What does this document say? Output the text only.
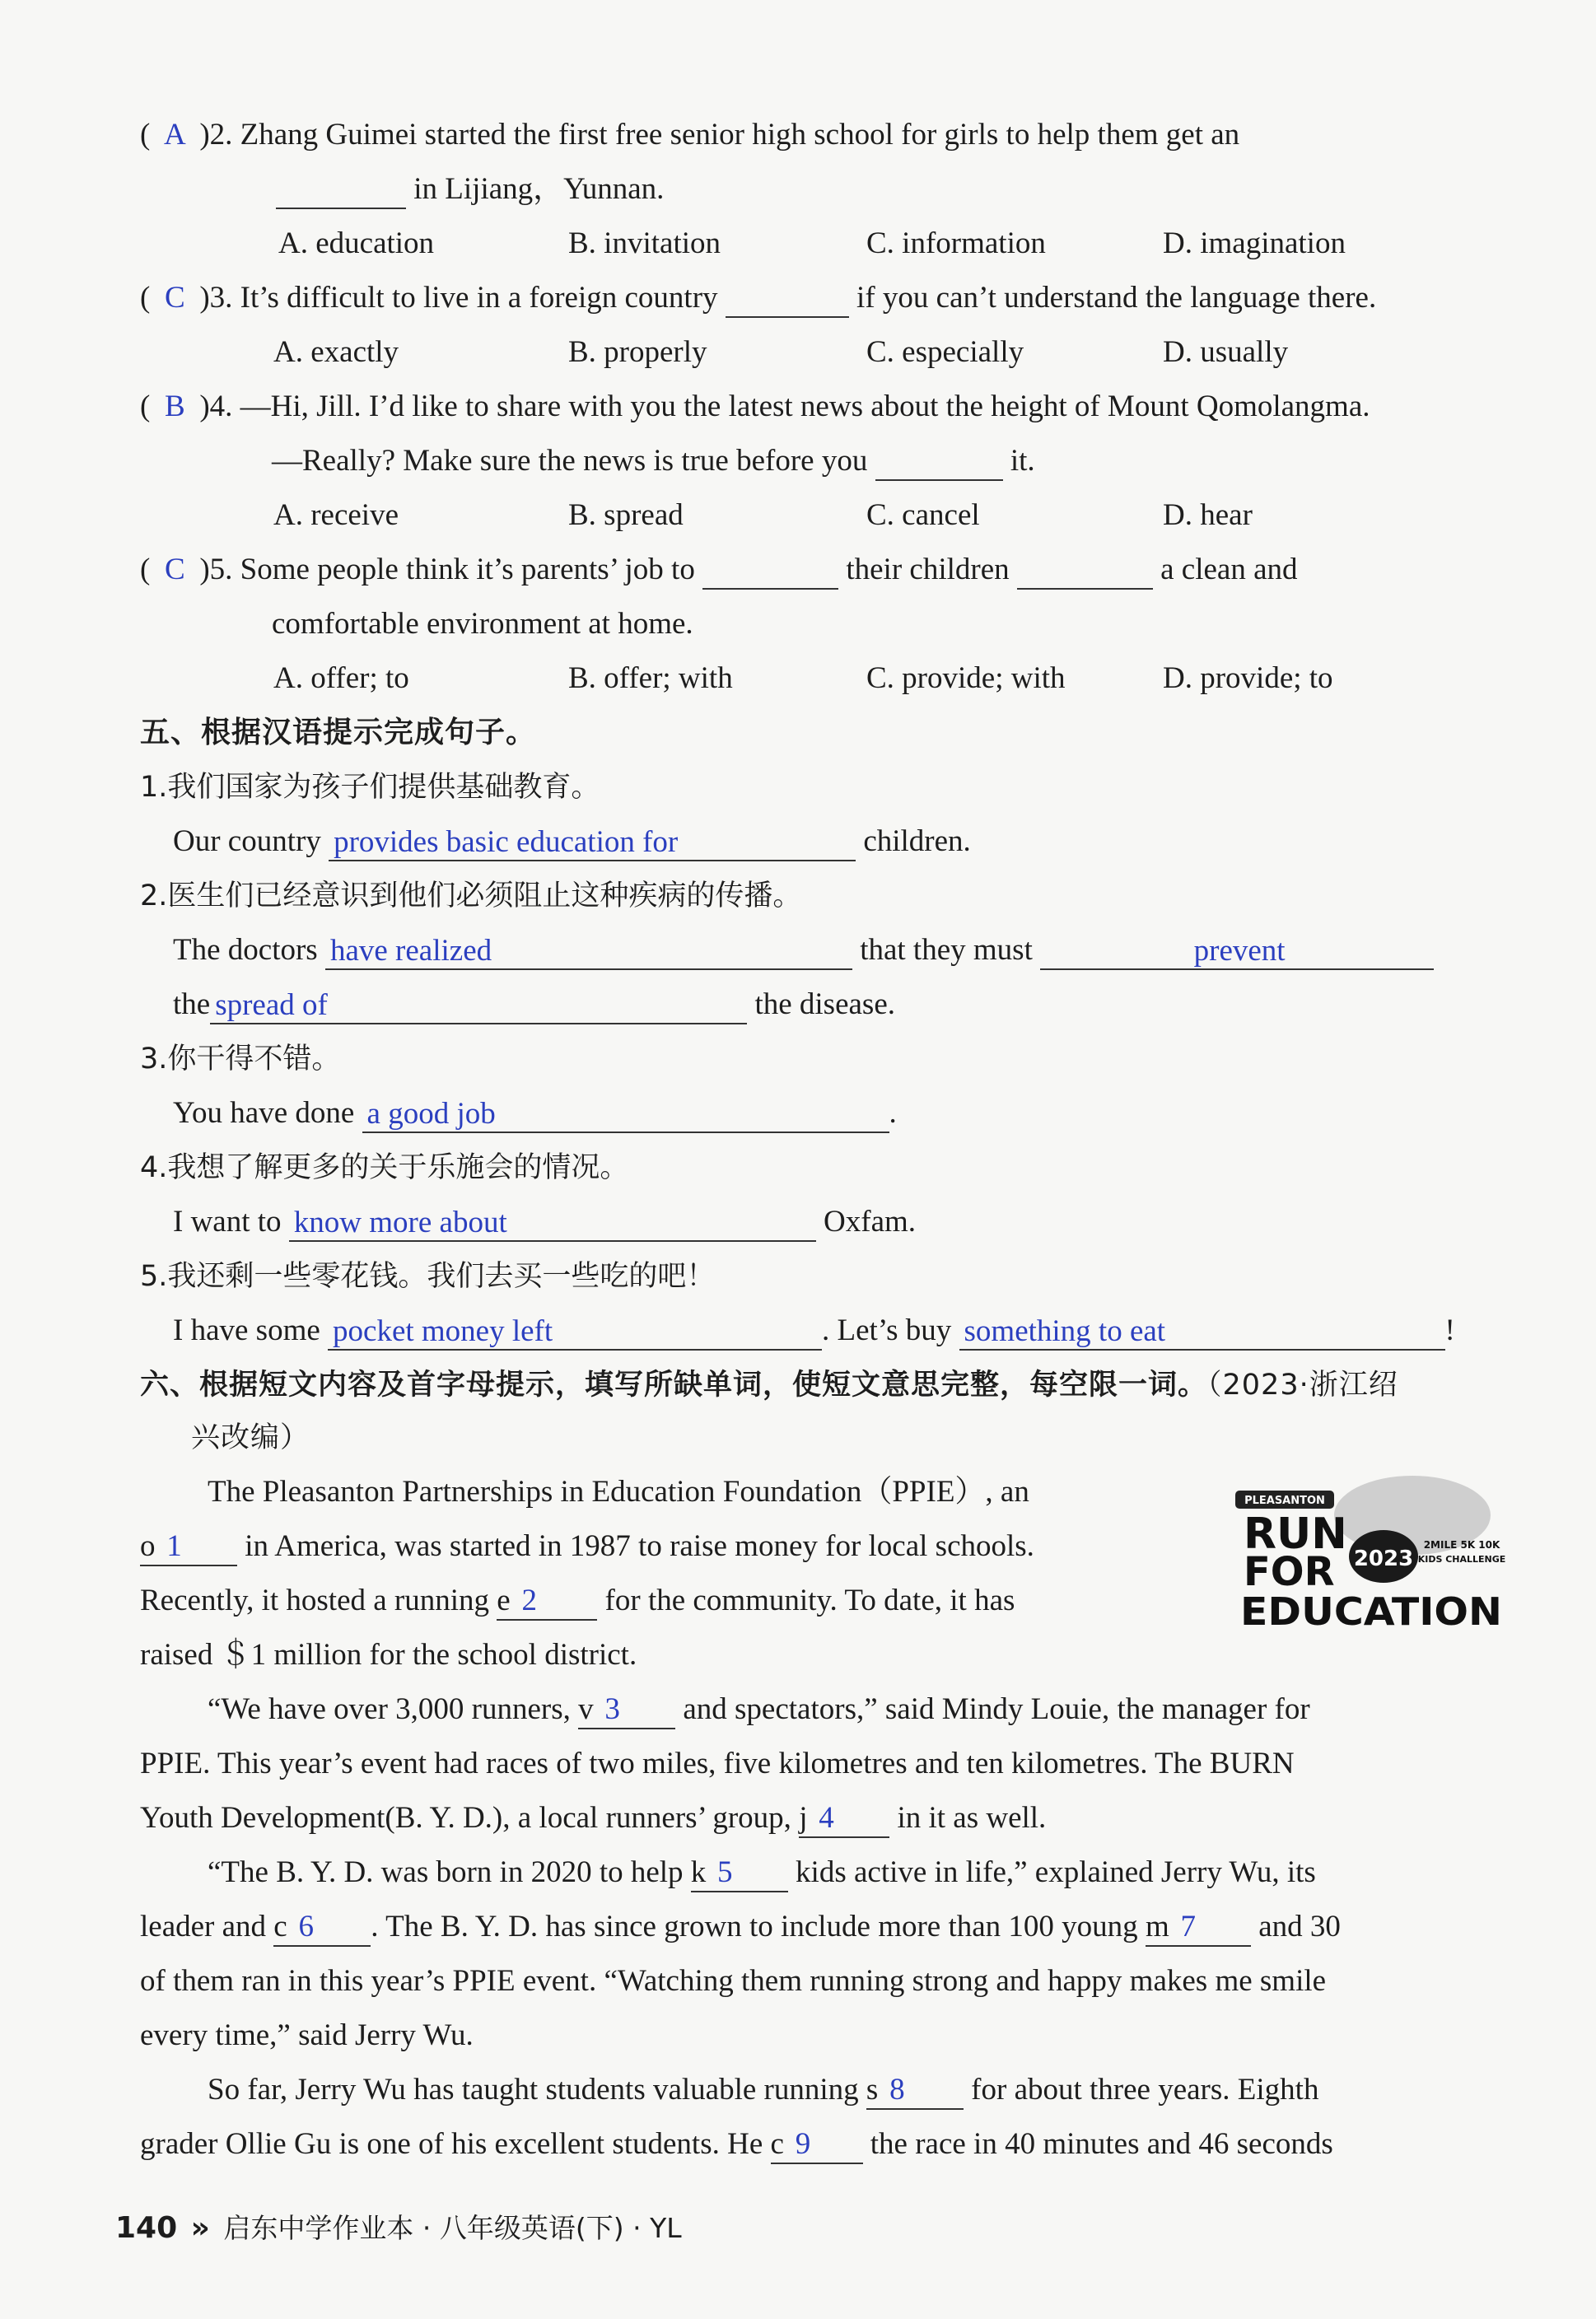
( A )2. Zhang Guimei started the first free senior high school for girls to help them get an
in Lijiang，Yunnan.
A. education	B. invitation	C. information	D. imagination
( C )3. It’s difficult to live in a foreign country	if you can’t understand the language there.
A. exactly	B. properly	C. especially	D. usually
( B )4. —Hi, Jill. I’d like to share with you the latest news about the height of Mount Qomolangma.
—Really? Make sure the news is true before you	it.
A. receive	B. spread	C. cancel	D. hear
( C )5. Some people think it’s parents’ job to	their children	a clean and
comfortable environment at home.
A. offer; to	B. offer; with	C. provide; with	D. provide; to
五、根据汉语提示完成句子。
1.我们国家为孩子们提供基础教育。
Our country provides basic education for	children.
2.医生们已经意识到他们必须阻止这种疾病的传播。
The doctors have realized	that they must	prevent
the spread of	the disease.
3.你干得不错。
You have done a good job	.
4.我想了解更多的关于乐施会的情况。
I want to know more about	Oxfam.
5.我还剩一些零花钱。我们去买一些吃的吧！
I have some pocket money left	. Let’s buy something to eat	!
六、根据短文内容及首字母提示，填写所缺单词，使短文意思完整，每空限一词。（2023·浙江绍
兴改编）
The Pleasanton Partnerships in Education Foundation（PPIE）, an
o 1 in America, was started in 1987 to raise money for local schools.
Recently, it hosted a running e 2 for the community. To date, it has
raised ＄1 million for the school district.
“We have over 3,000 runners, v 3 and spectators,” said Mindy Louie, the manager for
PPIE. This year’s event had races of two miles, five kilometres and ten kilometres. The BURN
Youth Development(B. Y. D.), a local runners’ group, j 4 in it as well.
“The B. Y. D. was born in 2020 to help k 5 kids active in life,” explained Jerry Wu, its
leader and c 6 . The B. Y. D. has since grown to include more than 100 young m 7 and 30
of them ran in this year’s PPIE event. “Watching them running strong and happy makes me smile
every time,” said Jerry Wu.
So far, Jerry Wu has taught students valuable running s 8 for about three years. Eighth
grader Ollie Gu is one of his excellent students. He c 9 the race in 40 minutes and 46 seconds
PLEASANTON
RUN
FOR 2023
2MILE 5K 10K
KIDS CHALLENGE
EDUCATION
140 » 启东中学作业本 · 八年级英语(下) · YL
